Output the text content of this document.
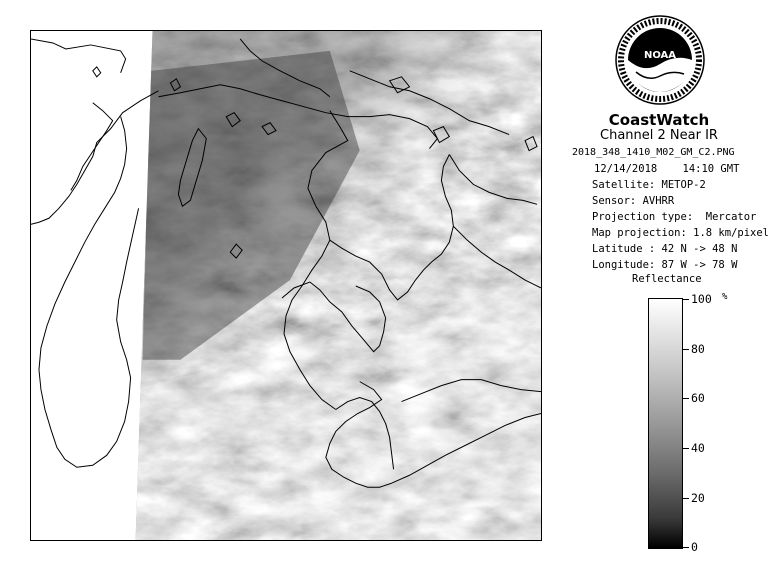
NOAA
CoastWatch
Channel 2 Near IR
2018_348_1410_M02_GM_C2.PNG
12/14/2018    14:10 GMT
Satellite: METOP-2
Sensor: AVHRR
Projection type:  Mercator
Map projection: 1.8 km/pixel
Latitude : 42 N -> 48 N
Longitude: 87 W -> 78 W
Reflectance
%
100
80
60
40
20
0
